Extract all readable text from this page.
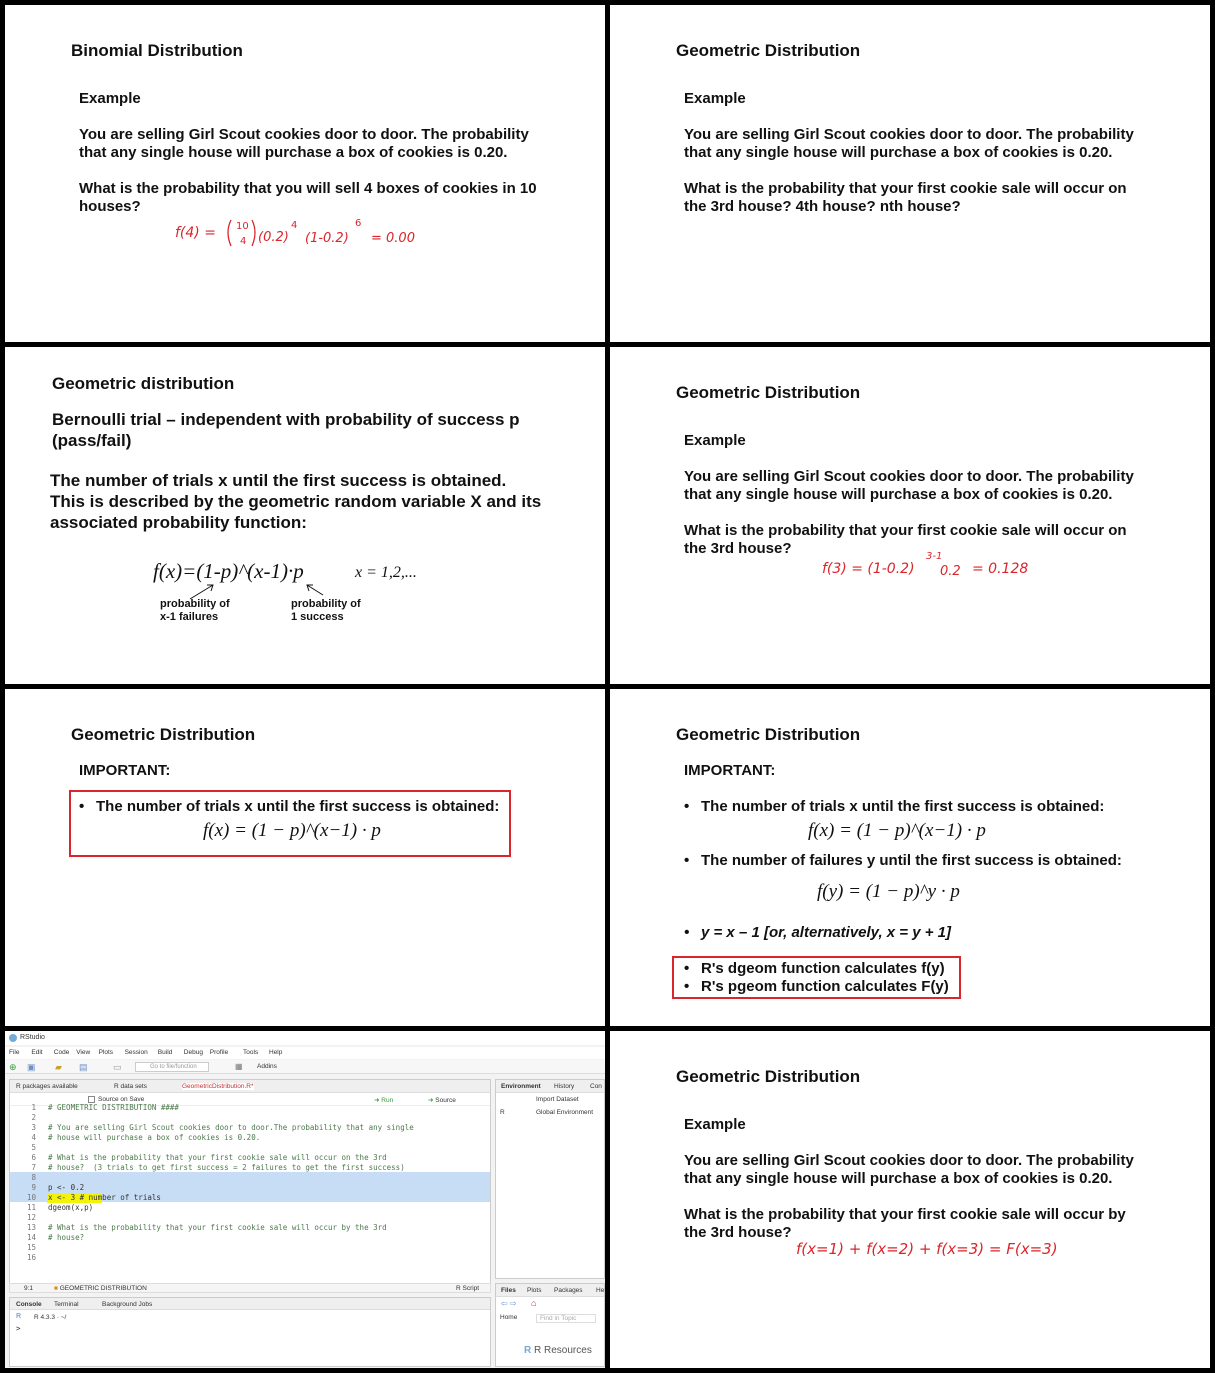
Binomial Distribution
Example
You are selling Girl Scout cookies door to door. The probability
that any single house will purchase a box of cookies is 0.20.
What is the probability that you will sell 4 boxes of cookies in 10
houses?
f(4) = 10
4 (0.2)
4
(1-0.2)
6
= 0.00
Geometric Distribution
Example
You are selling Girl Scout cookies door to door. The probability
that any single house will purchase a box of cookies is 0.20.
What is the probability that your first cookie sale will occur on
the 3rd house? 4th house? nth house?
Geometric distribution
Bernoulli trial – independent with probability of success p
(pass/fail)
The number of trials x until the first success is obtained.
This is described by the geometric random variable X and its
associated probability function:
f(x)=(1-p)^(x-1)·p	x = 1,2,...
probability of
x-1 failures
probability of
1 success
Geometric Distribution
Example
You are selling Girl Scout cookies door to door. The probability
that any single house will purchase a box of cookies is 0.20.
What is the probability that your first cookie sale will occur on
the 3rd house?
f(3) = (1-0.2)
3-1
0.2 = 0.128
Geometric Distribution
IMPORTANT:
• The number of trials x until the first success is obtained:
f(x) = (1 − p)^(x−1) · p
Geometric Distribution
IMPORTANT:
• The number of trials x until the first success is obtained:
f(x) = (1 − p)^(x−1) · p
• The number of failures y until the first success is obtained:
f(y) = (1 − p)^y · p
• y = x – 1 [or, alternatively, x = y + 1]
• R's dgeom function calculates f(y)
• R's pgeom function calculates F(y)
RStudio
File Edit Code View Plots Session Build Debug Profile Tools Help
⊕ ▣ ▰ ▤	▭	Go to file/function	▦ Addins
R packages available	R data sets	GeometricDistribution.R*
Source on Save	➜ Run	➜ Source
1
2
3
4
5
6
7
8
9
10
11
12
13
14
15
16
# GEOMETRIC DISTRIBUTION ####

# You are selling Girl Scout cookies door to door.The probability that any single
# house will purchase a box of cookies is 0.20.

# What is the probability that your first cookie sale will occur on the 3rd
# house?  (3 trials to get first success = 2 failures to get the first success)

p <- 0.2
x <- 3 # number of trials
dgeom(x,p)

# What is the probability that your first cookie sale will occur by the 3rd
# house?

9:1	■ GEOMETRIC DISTRIBUTION	R Script
Console Terminal	Background Jobs
R R 4.3.3 · ~/
>
Environment History Con
Import Dataset
R	Global Environment
Files Plots Packages He
⇦ ⇨ ⌂
Home	Find in Topic
R R Resources
Geometric Distribution
Example
You are selling Girl Scout cookies door to door. The probability
that any single house will purchase a box of cookies is 0.20.
What is the probability that your first cookie sale will occur by
the 3rd house?
f(x=1) + f(x=2) + f(x=3) = F(x=3)
